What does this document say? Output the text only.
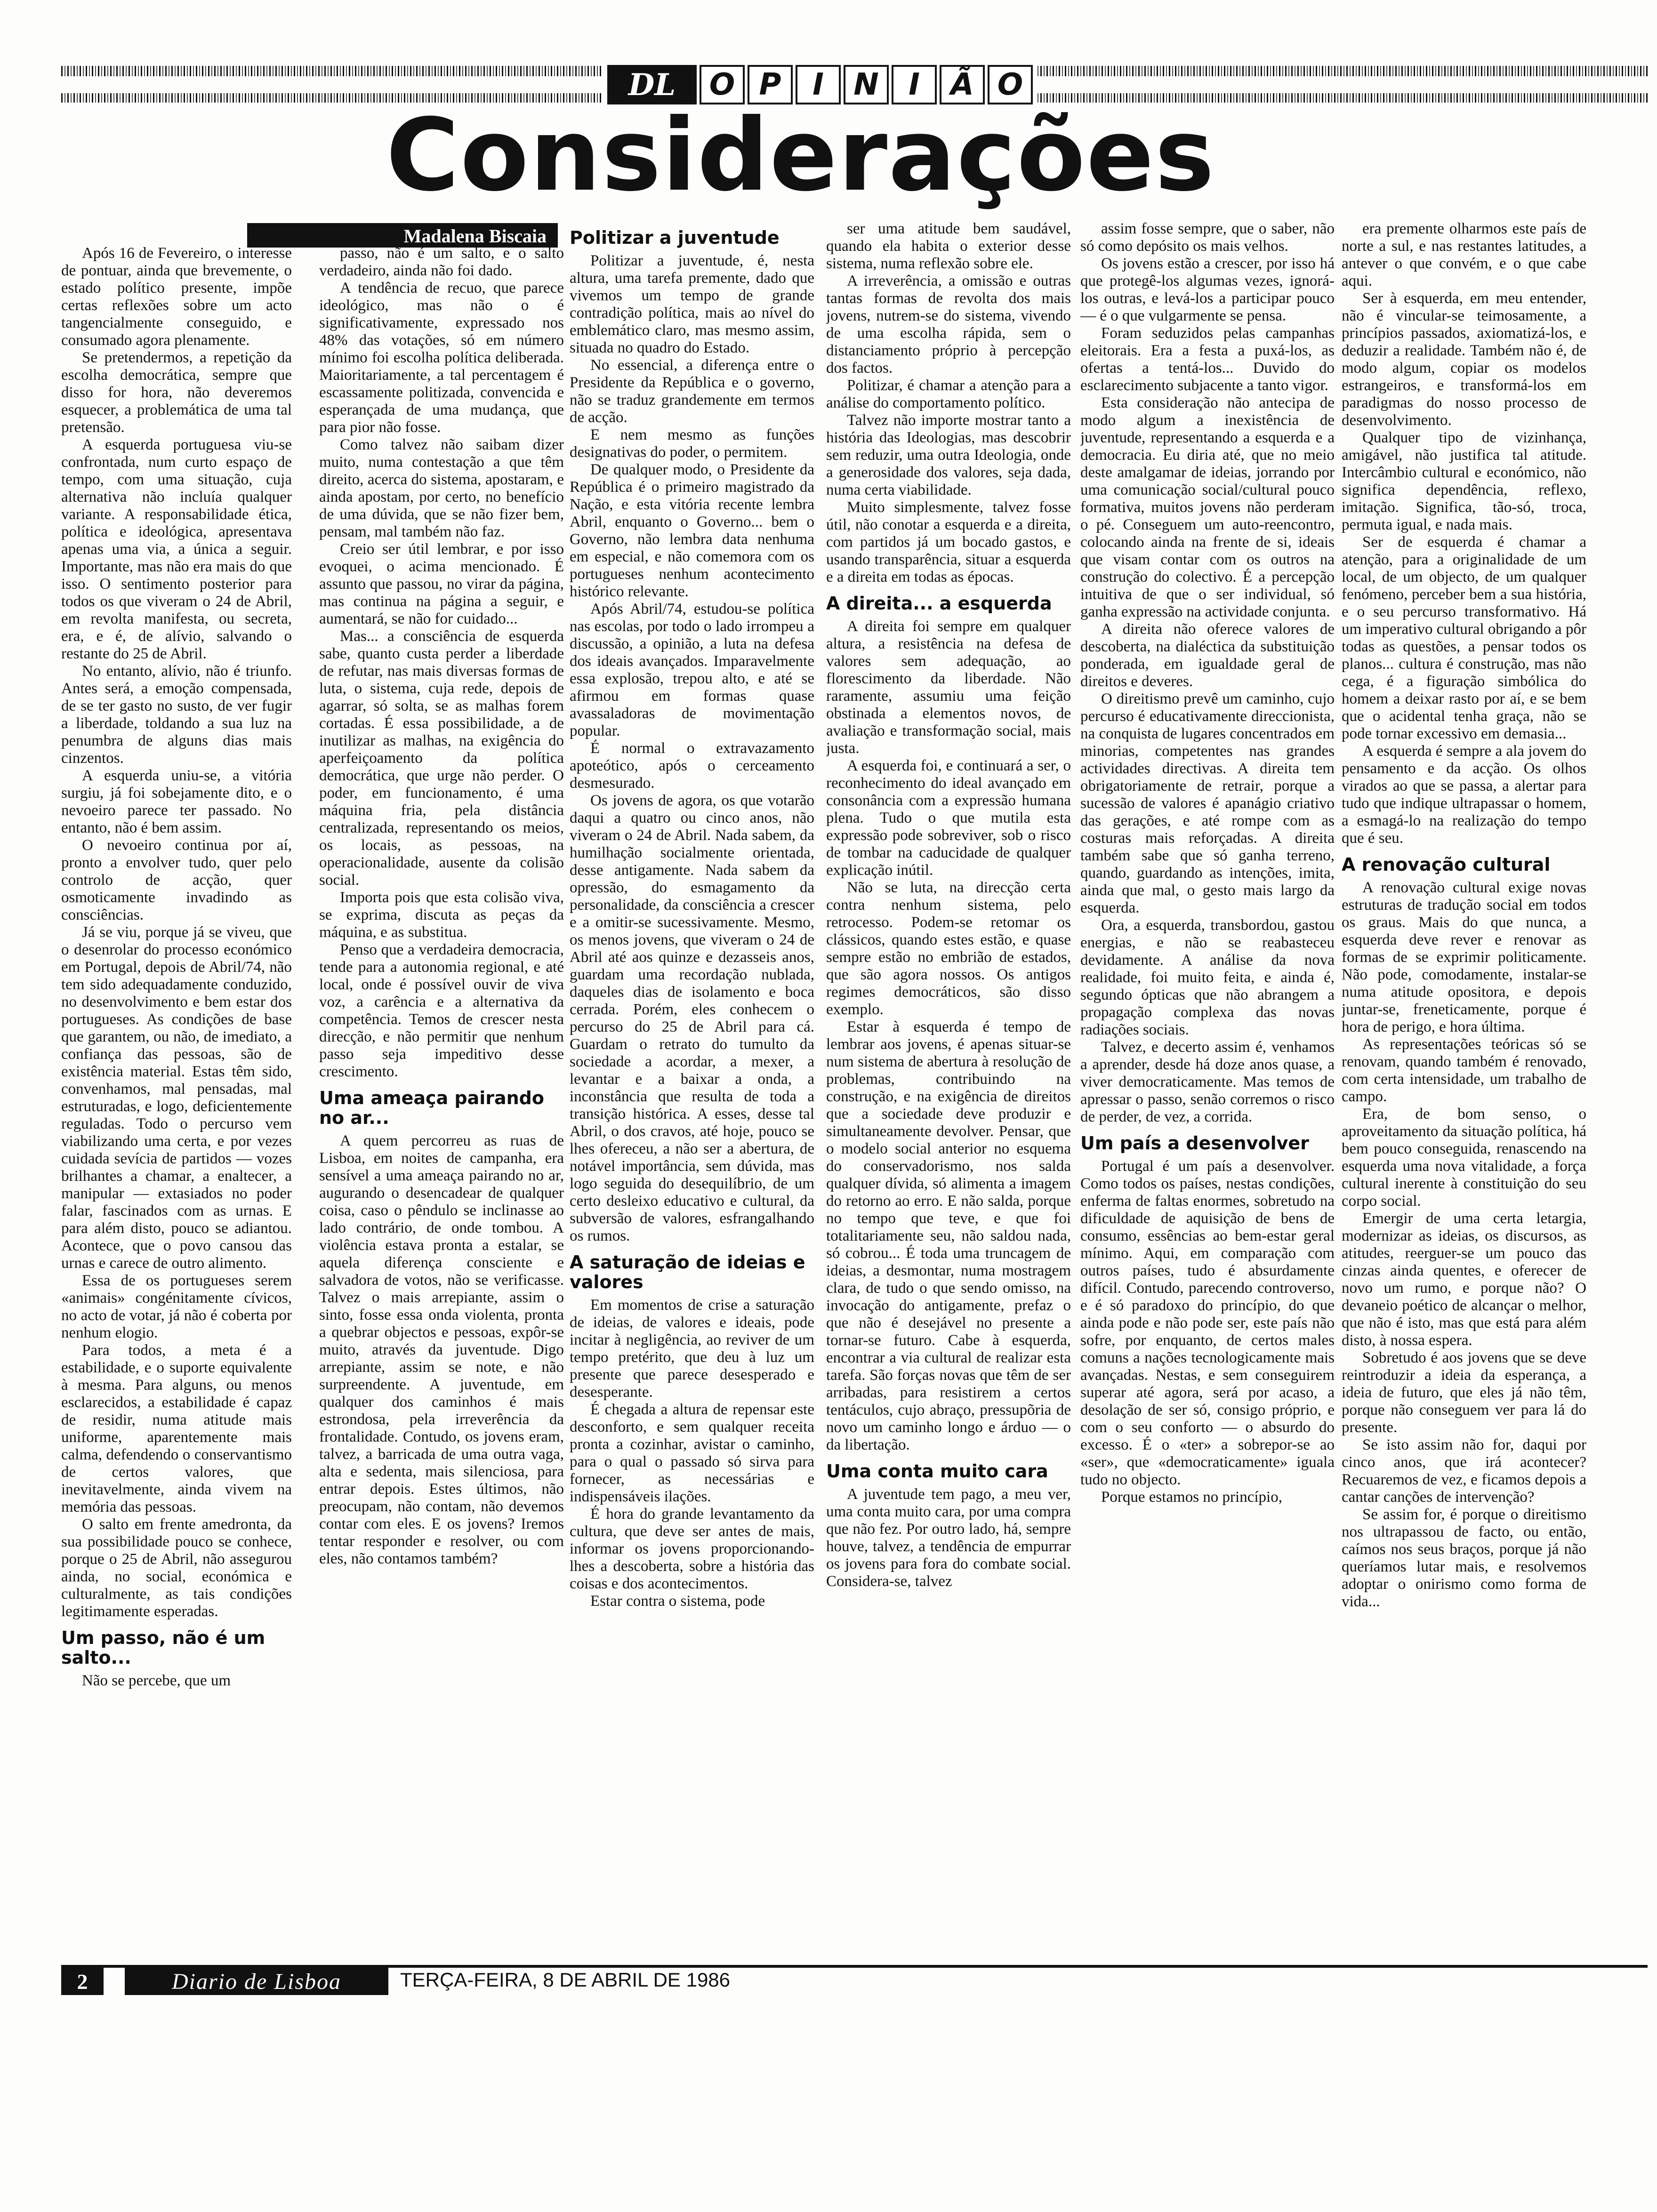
DL	O P	I N I	Ã O
Considerações
Madalena Biscaia

Após 16 de Fevereiro, o interesse de pontuar, ainda que brevemente, o estado político presente, impõe certas reflexões sobre um acto tangencialmente conseguido, e consumado agora plenamente.

Se pretendermos, a repetição da escolha democrática, sempre que disso for hora, não deveremos esquecer, a problemática de uma tal pretensão.

A esquerda portuguesa viu-se confrontada, num curto espaço de tempo, com uma situação, cuja alternativa não incluía qualquer variante. A responsabilidade ética, política e ideológica, apresentava apenas uma via, a única a seguir. Importante, mas não era mais do que isso. O sentimento posterior para todos os que viveram o 24 de Abril, em revolta manifesta, ou secreta, era, e é, de alívio, salvando o restante do 25 de Abril.

No entanto, alívio, não é triunfo. Antes será, a emoção compensada, de se ter gasto no susto, de ver fugir a liberdade, toldando a sua luz na penumbra de alguns dias mais cinzentos.

A esquerda uniu-se, a vitória surgiu, já foi sobejamente dito, e o nevoeiro parece ter passado. No entanto, não é bem assim.

O nevoeiro continua por aí, pronto a envolver tudo, quer pelo controlo de acção, quer osmoticamente invadindo as consciências.

Já se viu, porque já se viveu, que o desenrolar do processo económico em Portugal, depois de Abril/74, não tem sido adequadamente conduzido, no desenvolvimento e bem estar dos portugueses. As condições de base que garantem, ou não, de imediato, a confiança das pessoas, são de existência material. Estas têm sido, convenhamos, mal pensadas, mal estruturadas, e logo, deficientemente reguladas. Todo o percurso vem viabilizando uma certa, e por vezes cuidada sevícia de partidos — vozes brilhantes a chamar, a enaltecer, a manipular — extasiados no poder falar, fascinados com as urnas. E para além disto, pouco se adiantou. Acontece, que o povo cansou das urnas e carece de outro alimento.

Essa de os portugueses serem «animais» congénitamente cívicos, no acto de votar, já não é coberta por nenhum elogio.

Para todos, a meta é a estabilidade, e o suporte equivalente à mesma. Para alguns, ou menos esclarecidos, a estabilidade é capaz de residir, numa atitude mais uniforme, aparentemente mais calma, defendendo o conservantismo de certos valores, que inevitavelmente, ainda vivem na memória das pessoas.

O salto em frente amedronta, da sua possibilidade pouco se conhece, porque o 25 de Abril, não assegurou ainda, no social, económica e culturalmente, as tais condições legitimamente esperadas.

Um passo, não é um salto...

Não se percebe, que um

passo, não é um salto, e o salto verdadeiro, ainda não foi dado.

A tendência de recuo, que parece ideológico, mas não o é significativamente, expressado nos 48% das votações, só em número mínimo foi escolha política deliberada. Maioritariamente, a tal percentagem é escassamente politizada, convencida e esperançada de uma mudança, que para pior não fosse.

Como talvez não saibam dizer muito, numa contestação a que têm direito, acerca do sistema, apostaram, e ainda apostam, por certo, no benefício de uma dúvida, que se não fizer bem, pensam, mal também não faz.

Creio ser útil lembrar, e por isso evoquei, o acima mencionado. É assunto que passou, no virar da página, mas continua na página a seguir, e aumentará, se não for cuidado...

Mas... a consciência de esquerda sabe, quanto custa perder a liberdade de refutar, nas mais diversas formas de luta, o sistema, cuja rede, depois de agarrar, só solta, se as malhas forem cortadas. É essa possibilidade, a de inutilizar as malhas, na exigência do aperfeiçoamento da política democrática, que urge não perder. O poder, em funcionamento, é uma máquina fria, pela distância centralizada, representando os meios, os locais, as pessoas, na operacionalidade, ausente da colisão social.

Importa pois que esta colisão viva, se exprima, discuta as peças da máquina, e as substitua.

Penso que a verdadeira democracia, tende para a autonomia regional, e até local, onde é possível ouvir de viva voz, a carência e a alternativa da competência. Temos de crescer nesta direcção, e não permitir que nenhum passo seja impeditivo desse crescimento.

Uma ameaça pairando no ar...

A quem percorreu as ruas de Lisboa, em noites de campanha, era sensível a uma ameaça pairando no ar, augurando o desencadear de qualquer coisa, caso o pêndulo se inclinasse ao lado contrário, de onde tombou. A violência estava pronta a estalar, se aquela diferença consciente e salvadora de votos, não se verificasse. Talvez o mais arrepiante, assim o sinto, fosse essa onda violenta, pronta a quebrar objectos e pessoas, expôr-se muito, através da juventude. Digo arrepiante, assim se note, e não surpreendente. A juventude, em qualquer dos caminhos é mais estrondosa, pela irreverência da frontalidade. Contudo, os jovens eram, talvez, a barricada de uma outra vaga, alta e sedenta, mais silenciosa, para entrar depois. Estes últimos, não preocupam, não contam, não devemos contar com eles. E os jovens? Iremos tentar responder e resolver, ou com eles, não contamos também?

Politizar a juventude

Politizar a juventude, é, nesta altura, uma tarefa premente, dado que vivemos um tempo de grande contradição política, mais ao nível do emblemático claro, mas mesmo assim, situada no quadro do Estado.

No essencial, a diferença entre o Presidente da República e o governo, não se traduz grandemente em termos de acção.

E nem mesmo as funções designativas do poder, o permitem.

De qualquer modo, o Presidente da República é o primeiro magistrado da Nação, e esta vitória recente lembra Abril, enquanto o Governo... bem o Governo, não lembra data nenhuma em especial, e não comemora com os portugueses nenhum acontecimento histórico relevante.

Após Abril/74, estudou-se política nas escolas, por todo o lado irrompeu a discussão, a opinião, a luta na defesa dos ideais avançados. Imparavelmente essa explosão, trepou alto, e até se afirmou em formas quase avassaladoras de movimentação popular.

É normal o extravazamento apoteótico, após o cerceamento desmesurado.

Os jovens de agora, os que votarão daqui a quatro ou cinco anos, não viveram o 24 de Abril. Nada sabem, da humilhação socialmente orientada, desse antigamente. Nada sabem da opressão, do esmagamento da personalidade, da consciência a crescer e a omitir-se sucessivamente. Mesmo, os menos jovens, que viveram o 24 de Abril até aos quinze e dezasseis anos, guardam uma recordação nublada, daqueles dias de isolamento e boca cerrada. Porém, eles conhecem o percurso do 25 de Abril para cá. Guardam o retrato do tumulto da sociedade a acordar, a mexer, a levantar e a baixar a onda, a inconstância que resulta de toda a transição histórica. A esses, desse tal Abril, o dos cravos, até hoje, pouco se lhes ofereceu, a não ser a abertura, de notável importância, sem dúvida, mas logo seguida do desequilíbrio, de um certo desleixo educativo e cultural, da subversão de valores, esfrangalhando os rumos.

A saturação de ideias e valores

Em momentos de crise a saturação de ideias, de valores e ideais, pode incitar à negligência, ao reviver de um tempo pretérito, que deu à luz um presente que parece desesperado e desesperante.

É chegada a altura de repensar este desconforto, e sem qualquer receita pronta a cozinhar, avistar o caminho, para o qual o passado só sirva para fornecer, as necessárias e indispensáveis ilações.

É hora do grande levantamento da cultura, que deve ser antes de mais, informar os jovens proporcionando-lhes a descoberta, sobre a história das coisas e dos acontecimentos.

Estar contra o sistema, pode

ser uma atitude bem saudável, quando ela habita o exterior desse sistema, numa reflexão sobre ele.

A irreverência, a omissão e outras tantas formas de revolta dos mais jovens, nutrem-se do sistema, vivendo de uma escolha rápida, sem o distanciamento próprio à percepção dos factos.

Politizar, é chamar a atenção para a análise do comportamento político.

Talvez não importe mostrar tanto a história das Ideologias, mas descobrir sem reduzir, uma outra Ideologia, onde a generosidade dos valores, seja dada, numa certa viabilidade.

Muito simplesmente, talvez fosse útil, não conotar a esquerda e a direita, com partidos já um bocado gastos, e usando transparência, situar a esquerda e a direita em todas as épocas.

A direita... a esquerda

A direita foi sempre em qualquer altura, a resistência na defesa de valores sem adequação, ao florescimento da liberdade. Não raramente, assumiu uma feição obstinada a elementos novos, de avaliação e transformação social, mais justa.

A esquerda foi, e continuará a ser, o reconhecimento do ideal avançado em consonância com a expressão humana plena. Tudo o que mutila esta expressão pode sobreviver, sob o risco de tombar na caducidade de qualquer explicação inútil.

Não se luta, na direcção certa contra nenhum sistema, pelo retrocesso. Podem-se retomar os clássicos, quando estes estão, e quase sempre estão no embrião de estados, que são agora nossos. Os antigos regimes democráticos, são disso exemplo.

Estar à esquerda é tempo de lembrar aos jovens, é apenas situar-se num sistema de abertura à resolução de problemas, contribuindo na construção, e na exigência de direitos que a sociedade deve produzir e simultaneamente devolver. Pensar, que o modelo social anterior no esquema do conservadorismo, nos salda qualquer dívida, só alimenta a imagem do retorno ao erro. E não salda, porque no tempo que teve, e que foi totalitariamente seu, não saldou nada, só cobrou... É toda uma truncagem de ideias, a desmontar, numa mostragem clara, de tudo o que sendo omisso, na invocação do antigamente, prefaz o que não é desejável no presente a tornar-se futuro. Cabe à esquerda, encontrar a via cultural de realizar esta tarefa. São forças novas que têm de ser arribadas, para resistirem a certos tentáculos, cujo abraço, pressupõria de novo um caminho longo e árduo — o da libertação.

Uma conta muito cara

A juventude tem pago, a meu ver, uma conta muito cara, por uma compra que não fez. Por outro lado, há, sempre houve, talvez, a tendência de empurrar os jovens para fora do combate social. Considera-se, talvez

assim fosse sempre, que o saber, não só como depósito os mais velhos.

Os jovens estão a crescer, por isso há que protegê-los algumas vezes, ignorá-los outras, e levá-los a participar pouco — é o que vulgarmente se pensa.

Foram seduzidos pelas campanhas eleitorais. Era a festa a puxá-los, as ofertas a tentá-los... Duvido do esclarecimento subjacente a tanto vigor.

Esta consideração não antecipa de modo algum a inexistência de juventude, representando a esquerda e a democracia. Eu diria até, que no meio deste amalgamar de ideias, jorrando por uma comunicação social/cultural pouco formativa, muitos jovens não perderam o pé. Conseguem um auto-reencontro, colocando ainda na frente de si, ideais que visam contar com os outros na construção do colectivo. É a percepção intuitiva de que o ser individual, só ganha expressão na actividade conjunta.

A direita não oferece valores de descoberta, na dialéctica da substituição ponderada, em igualdade geral de direitos e deveres.

O direitismo prevê um caminho, cujo percurso é educativamente direccionista, na conquista de lugares concentrados em minorias, competentes nas grandes actividades directivas. A direita tem obrigatoriamente de retrair, porque a sucessão de valores é apanágio criativo das gerações, e até rompe com as costuras mais reforçadas. A direita também sabe que só ganha terreno, quando, guardando as intenções, imita, ainda que mal, o gesto mais largo da esquerda.

Ora, a esquerda, transbordou, gastou energias, e não se reabasteceu devidamente. A análise da nova realidade, foi muito feita, e ainda é, segundo ópticas que não abrangem a propagação complexa das novas radiações sociais.

Talvez, e decerto assim é, venhamos a aprender, desde há doze anos quase, a viver democraticamente. Mas temos de apressar o passo, senão corremos o risco de perder, de vez, a corrida.

Um país a desenvolver

Portugal é um país a desenvolver. Como todos os países, nestas condições, enferma de faltas enormes, sobretudo na dificuldade de aquisição de bens de consumo, essências ao bem-estar geral mínimo. Aqui, em comparação com outros países, tudo é absurdamente difícil. Contudo, parecendo controverso, e é só paradoxo do princípio, do que ainda pode e não pode ser, este país não sofre, por enquanto, de certos males comuns a nações tecnologicamente mais avançadas. Nestas, e sem conseguirem superar até agora, será por acaso, a desolação de ser só, consigo próprio, e com o seu conforto — o absurdo do excesso. É o «ter» a sobrepor-se ao «ser», que «democraticamente» iguala tudo no objecto.

Porque estamos no princípio,

era premente olharmos este país de norte a sul, e nas restantes latitudes, a antever o que convém, e o que cabe aqui.

Ser à esquerda, em meu entender, não é vincular-se teimosamente, a princípios passados, axiomatizá-los, e deduzir a realidade. Também não é, de modo algum, copiar os modelos estrangeiros, e transformá-los em paradigmas do nosso processo de desenvolvimento.

Qualquer tipo de vizinhança, amigável, não justifica tal atitude. Intercâmbio cultural e económico, não significa dependência, reflexo, imitação. Significa, tão-só, troca, permuta igual, e nada mais.

Ser de esquerda é chamar a atenção, para a originalidade de um local, de um objecto, de um qualquer fenómeno, perceber bem a sua história, e o seu percurso transformativo. Há um imperativo cultural obrigando a pôr todas as questões, a pensar todos os planos... cultura é construção, mas não cega, é a figuração simbólica do homem a deixar rasto por aí, e se bem que o acidental tenha graça, não se pode tornar excessivo em demasia...

A esquerda é sempre a ala jovem do pensamento e da acção. Os olhos virados ao que se passa, a alertar para tudo que indique ultrapassar o homem, a esmagá-lo na realização do tempo que é seu.

A renovação cultural

A renovação cultural exige novas estruturas de tradução social em todos os graus. Mais do que nunca, a esquerda deve rever e renovar as formas de se exprimir politicamente. Não pode, comodamente, instalar-se numa atitude opositora, e depois juntar-se, freneticamente, porque é hora de perigo, e hora última.

As representações teóricas só se renovam, quando também é renovado, com certa intensidade, um trabalho de campo.

Era, de bom senso, o aproveitamento da situação política, há bem pouco conseguida, renascendo na esquerda uma nova vitalidade, a força cultural inerente à constituição do seu corpo social.

Emergir de uma certa letargia, modernizar as ideias, os discursos, as atitudes, reerguer-se um pouco das cinzas ainda quentes, e oferecer de novo um rumo, e porque não? O devaneio poético de alcançar o melhor, que não é isto, mas que está para além disto, à nossa espera.

Sobretudo é aos jovens que se deve reintroduzir a ideia da esperança, a ideia de futuro, que eles já não têm, porque não conseguem ver para lá do presente.

Se isto assim não for, daqui por cinco anos, que irá acontecer? Recuaremos de vez, e ficamos depois a cantar canções de intervenção?

Se assim for, é porque o direitismo nos ultrapassou de facto, ou então, caímos nos seus braços, porque já não queríamos lutar mais, e resolvemos adoptar o onirismo como forma de vida...

2	Diario de Lisboa	TERÇA-FEIRA, 8 DE ABRIL DE 1986
